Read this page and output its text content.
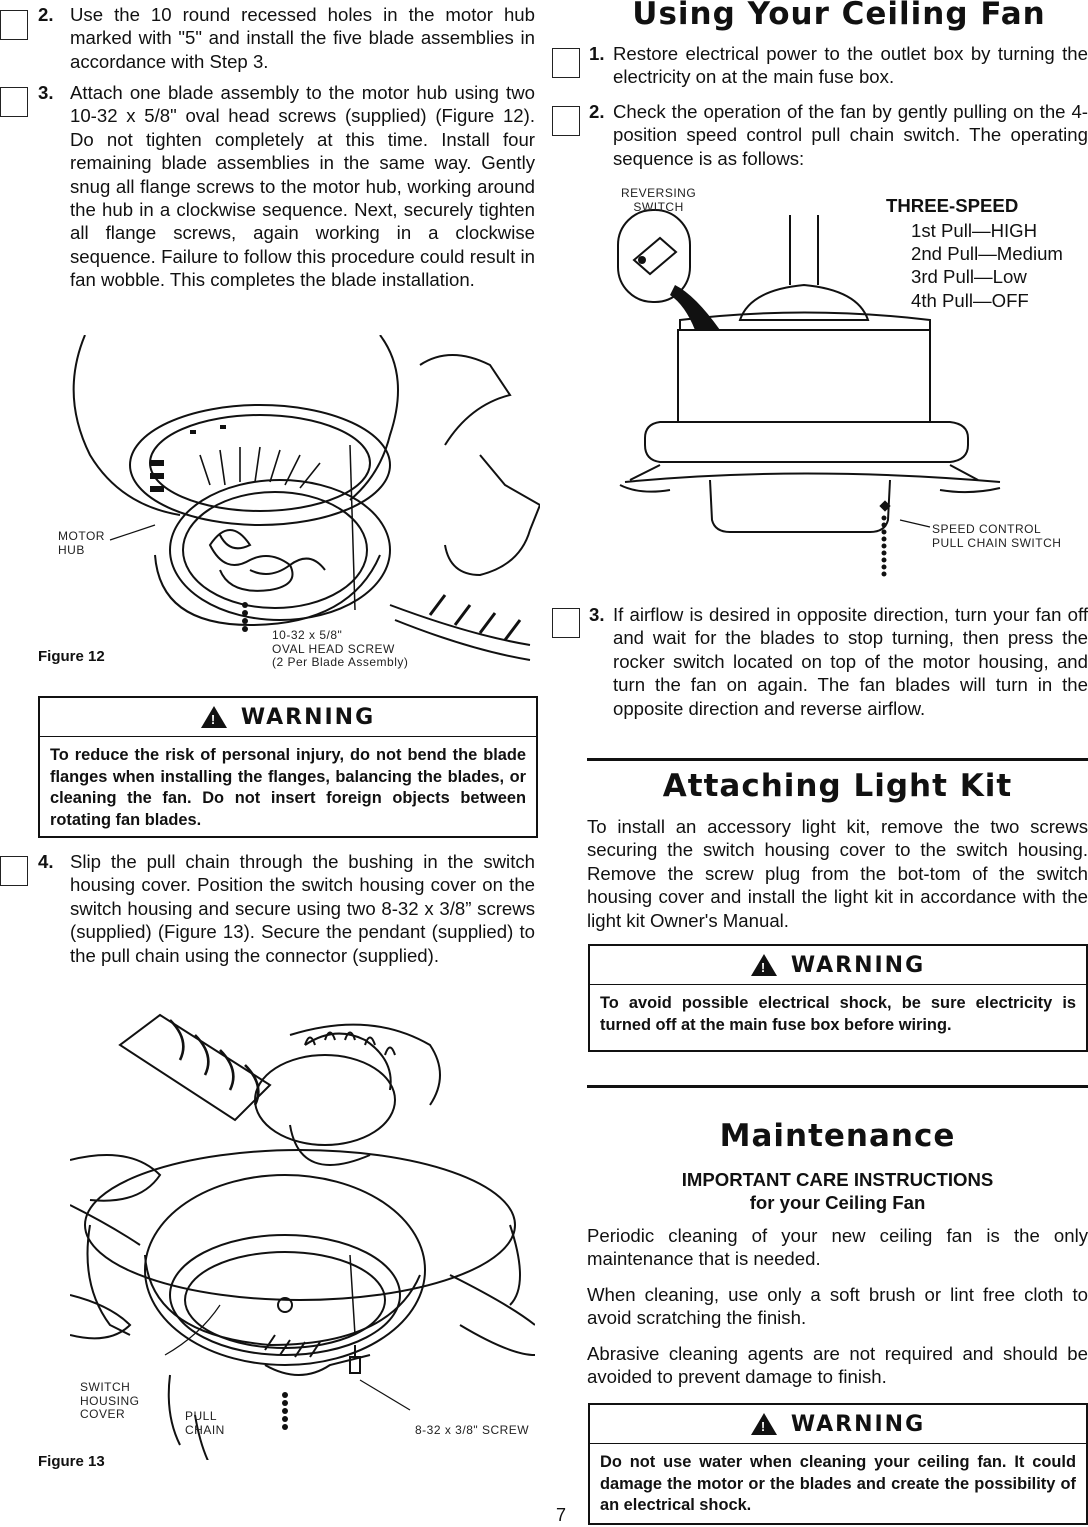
2. Use the 10 round recessed holes in the motor hub marked with "5" and install the five blade assemblies in accordance with Step 3.
3. Attach one blade assembly to the motor hub using two 10-32 x 5/8" oval head screws (supplied) (Figure 12). Do not tighten completely at this time. Install four remaining blade assemblies in the same way. Gently snug all flange screws to the motor hub, working around the hub in a clockwise sequence. Next, securely tighten all flange screws, again working in a clockwise sequence. Failure to follow this procedure could result in fan wobble. This completes the blade installation.
MOTOR
HUB
10-32 x 5/8"
OVAL HEAD SCREW
(2 Per Blade Assembly)
Figure 12
! WARNING
To reduce the risk of personal injury, do not bend the blade flanges when installing the flanges, balancing the blades, or cleaning the fan. Do not insert foreign objects between rotating fan blades.
4. Slip the pull chain through the bushing in the switch housing cover. Position the switch housing cover on the switch housing and secure using two 8-32 x 3/8” screws (supplied) (Figure 13). Secure the pendant (supplied) to the pull chain using the connector (supplied).
SWITCH
HOUSING
COVER	PULL
CHAIN	8-32 x 3/8" SCREW
Figure 13
Using Your Ceiling Fan
1. Restore electrical power to the outlet box by turning the electricity on at the main fuse box.
2. Check the operation of the fan by gently pulling on the 4-position speed control pull chain switch. The operating sequence is as follows:
REVERSING
SWITCH	THREE-SPEED
1st Pull—HIGH
2nd Pull—Medium
3rd Pull—Low
4th Pull—OFF
SPEED CONTROL
PULL CHAIN SWITCH
3. If airflow is desired in opposite direction, turn your fan off and wait for the blades to stop turning, then press the rocker switch located on top of the motor housing, and turn the fan on again. The fan blades will turn in the opposite direction and reverse airflow.
Attaching Light Kit
To install an accessory light kit, remove the two screws securing the switch housing cover to the switch housing. Remove the screw plug from the bot-tom of the switch housing cover and install the light kit in accordance with the light kit Owner's Manual.
! WARNING
To avoid possible electrical shock, be sure electricity is turned off at the main fuse box before wiring.
Maintenance
IMPORTANT CARE INSTRUCTIONS
for your Ceiling Fan
Periodic cleaning of your new ceiling fan is the only maintenance that is needed.
When cleaning, use only a soft brush or lint free cloth to avoid scratching the finish.
Abrasive cleaning agents are not required and should be avoided to prevent damage to finish.
! WARNING
Do not use water when cleaning your ceiling fan. It could damage the motor or the blades and create the possibility of an electrical shock.
7
